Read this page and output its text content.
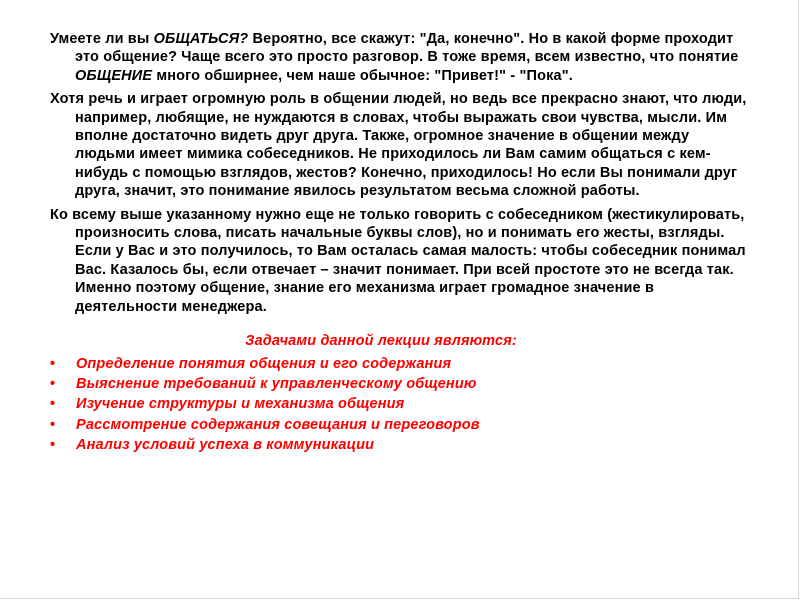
Умеете ли вы ОБЩАТЬСЯ? Вероятно, все скажут: "Да, конечно". Но в какой форме проходит это общение? Чаще всего это просто разговор. В тоже время, всем известно, что понятие ОБЩЕНИЕ много обширнее, чем наше обычное: "Привет!" - "Пока".

Хотя речь и играет огромную роль в общении людей, но ведь все прекрасно знают, что люди, например, любящие, не нуждаются в словах, чтобы выражать свои чувства, мысли. Им вполне достаточно видеть друг друга. Также, огромное значение в общении между людьми имеет мимика собеседников. Не приходилось ли Вам самим общаться с кем-нибудь с помощью взглядов, жестов? Конечно, приходилось! Но если Вы понимали друг друга, значит, это понимание явилось результатом весьма сложной работы.

Ко всему выше указанному нужно еще не только говорить с собеседником (жестикулировать, произносить слова, писать начальные буквы слов), но и понимать его жесты, взгляды. Если у Вас и это получилось, то Вам осталась самая малость: чтобы собеседник понимал Вас. Казалось бы, если отвечает – значит понимает. При всей простоте это не всегда так. Именно поэтому общение, знание его механизма играет громадное значение в деятельности менеджера.

Задачами данной лекции являются:

• Определение понятия общения и его содержания
• Выяснение требований к управленческому общению
• Изучение структуры и механизма общения
• Рассмотрение содержания совещания и переговоров
• Анализ условий успеха в коммуникации
